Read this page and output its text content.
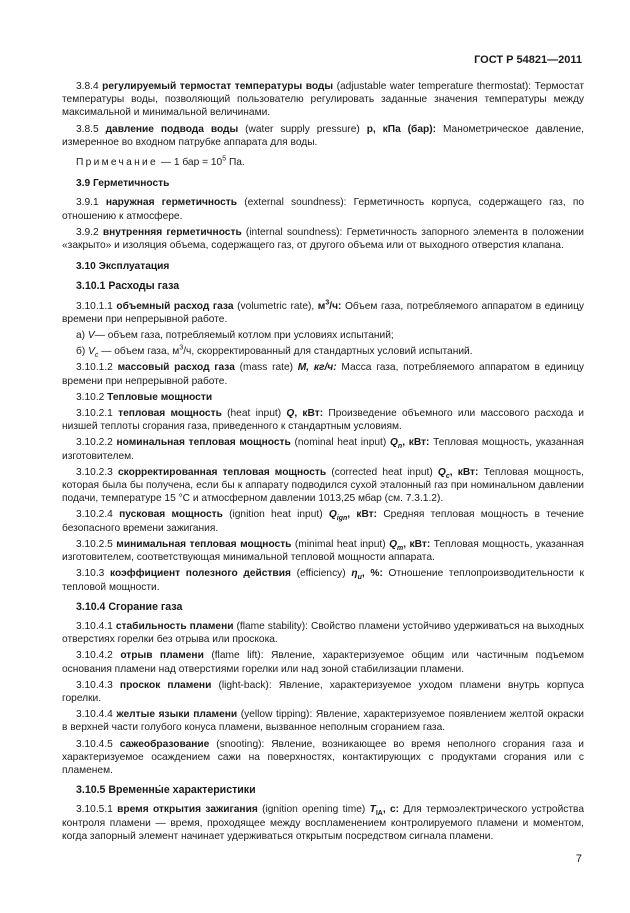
ГОСТ Р 54821—2011

3.8.4 регулируемый термостат температуры воды (adjustable water temperature thermostat): Термостат температуры воды, позволяющий пользователю регулировать заданные значения температуры между максимальной и минимальной величинами.

3.8.5 давление подвода воды (water supply pressure) p, кПа (бар): Манометрическое давление, измеренное во входном патрубке аппарата для воды.

Примечание — 1 бар = $10^5$ Па.

3.9 Герметичность

3.9.1 наружная герметичность (external soundness): Герметичность корпуса, содержащего газ, по отношению к атмосфере.

3.9.2 внутренняя герметичность (internal soundness): Герметичность запорного элемента в положении «закрыто» и изоляция объема, содержащего газ, от другого объема или от выходного отверстия клапана.

3.10 Эксплуатация

3.10.1 Расходы газа

3.10.1.1 объемный расход газа (volumetric rate), $м^3/ч$: Объем газа, потребляемого аппаратом в единицу времени при непрерывной работе.

а) V— объем газа, потребляемый котлом при условиях испытаний;

б) $V_c$ — объем газа, $м^3/ч$, скорректированный для стандартных условий испытаний.

3.10.1.2 массовый расход газа (mass rate) M, кг/ч: Масса газа, потребляемого аппаратом в единицу времени при непрерывной работе.

3.10.2 Тепловые мощности

3.10.2.1 тепловая мощность (heat input) Q, кВт: Произведение объемного или массового расхода и низшей теплоты сгорания газа, приведенного к стандартным условиям.

3.10.2.2 номинальная тепловая мощность (nominal heat input) $Q_n$, кВт: Тепловая мощность, указанная изготовителем.

3.10.2.3 скорректированная тепловая мощность (corrected heat input) $Q_c$, кВт: Тепловая мощность, которая была бы получена, если бы к аппарату подводился сухой эталонный газ при номинальном давлении подачи, температуре 15 °С и атмосферном давлении 1013,25 мбар (см. 7.3.1.2).

3.10.2.4 пусковая мощность (ignition heat input) $Q_{ign}$, кВт: Средняя тепловая мощность в течение безопасного времени зажигания.

3.10.2.5 минимальная тепловая мощность (minimal heat input) $Q_m$, кВт: Тепловая мощность, указанная изготовителем, соответствующая минимальной тепловой мощности аппарата.

3.10.3 коэффициент полезного действия (efficiency) $\eta_u$, %: Отношение теплопроизводительности к тепловой мощности.

3.10.4 Сгорание газа

3.10.4.1 стабильность пламени (flame stability): Свойство пламени устойчиво удерживаться на выходных отверстиях горелки без отрыва или проскока.

3.10.4.2 отрыв пламени (flame lift): Явление, характеризуемое общим или частичным подъемом основания пламени над отверстиями горелки или над зоной стабилизации пламени.

3.10.4.3 проскок пламени (light-back): Явление, характеризуемое уходом пламени внутрь корпуса горелки.

3.10.4.4 желтые языки пламени (yellow tipping): Явление, характеризуемое появлением желтой окраски в верхней части голубого конуса пламени, вызванное неполным сгоранием газа.

3.10.4.5 сажеобразование (snooting): Явление, возникающее во время неполного сгорания газа и характеризуемое осаждением сажи на поверхностях, контактирующих с продуктами сгорания или с пламенем.

3.10.5 Временны́е характеристики

3.10.5.1 время открытия зажигания (ignition opening time) $T_{IA}$, с: Для термоэлектрического устройства контроля пламени — время, проходящее между воспламенением контролируемого пламени и моментом, когда запорный элемент начинает удерживаться открытым посредством сигнала пламени.

7
